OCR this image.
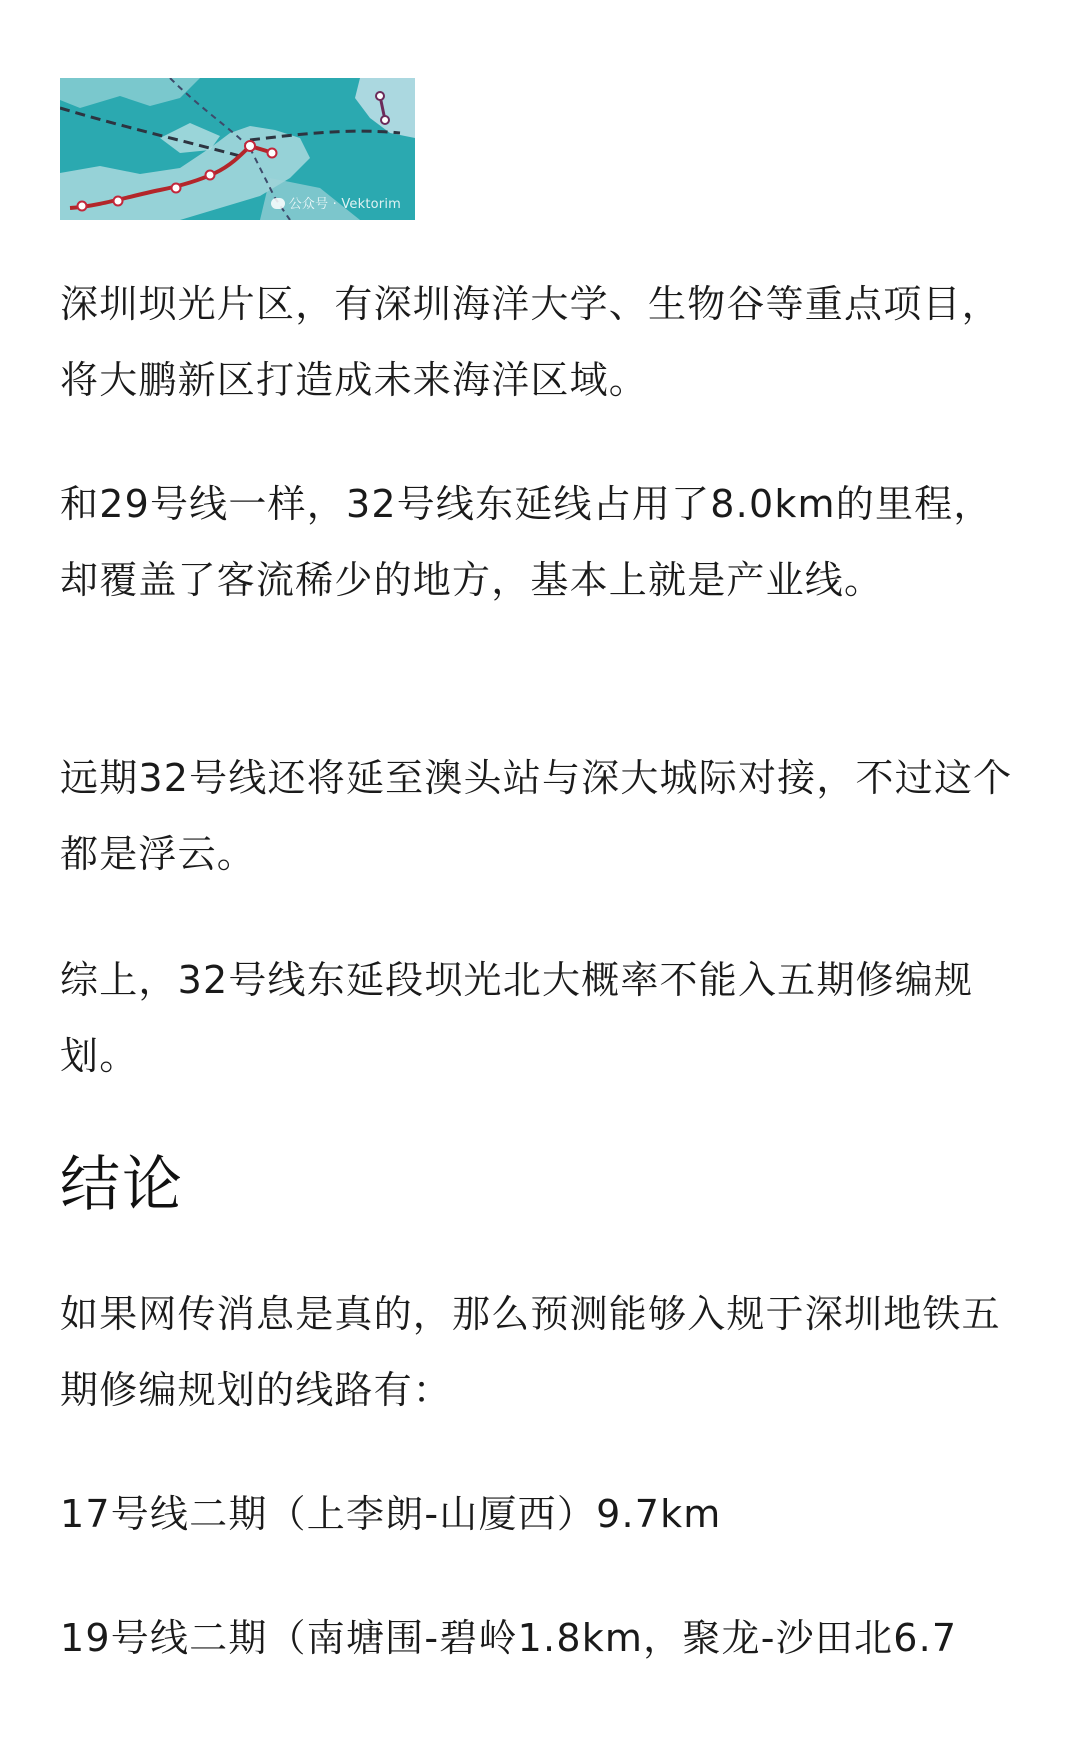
公众号 · Vektorim

深圳坝光片区，有深圳海洋大学、生物谷等重点项目，将大鹏新区打造成未来海洋区域。

和29号线一样，32号线东延线占用了8.0km的里程，却覆盖了客流稀少的地方，基本上就是产业线。

远期32号线还将延至澳头站与深大城际对接，不过这个都是浮云。

综上，32号线东延段坝光北大概率不能入五期修编规划。

结论

如果网传消息是真的，那么预测能够入规于深圳地铁五期修编规划的线路有：

17号线二期（上李朗-山厦西）9.7km

19号线二期（南塘围-碧岭1.8km，聚龙-沙田北6.7
